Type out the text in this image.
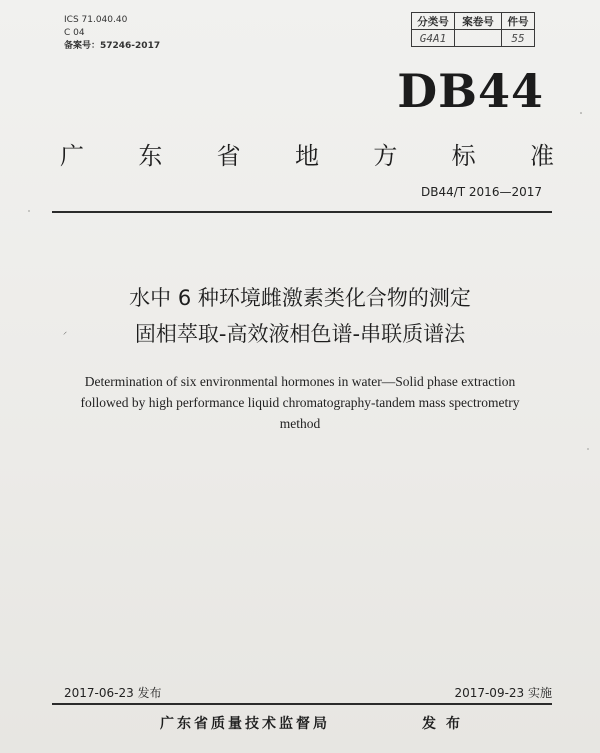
ICS 71.040.40
C 04
备案号：57246-2017
分类号	案卷号	件号
G4A1		55
DB44
广 东 省 地 方 标 准
DB44/T 2016—2017
水中 6 种环境雌激素类化合物的测定
固相萃取-高效液相色谱-串联质谱法
⸝
Determination of six environmental hormones in water—Solid phase extraction
followed by high performance liquid chromatography-tandem mass spectrometry
method
2017-06-23 发布	2017-09-23 实施
广东省质量技术监督局	发布
